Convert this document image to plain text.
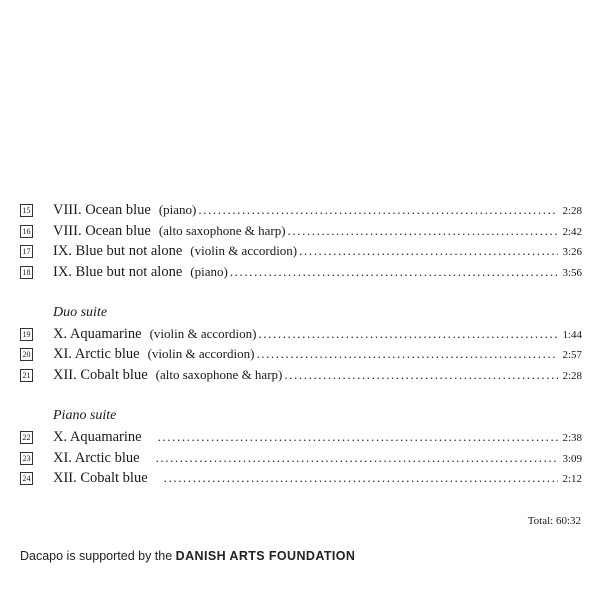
15 VIII. Ocean blue (piano) .....	2:28
16 VIII. Ocean blue (alto saxophone & harp) .....	2:42
17 IX. Blue but not alone (violin & accordion) .....	3:26
18 IX. Blue but not alone (piano) .....	3:56
Duo suite
19 X. Aquamarine (violin & accordion) .....	1:44
20 XI. Arctic blue (violin & accordion) .....	2:57
21 XII. Cobalt blue (alto saxophone & harp) .....	2:28
Piano suite
22 X. Aquamarine .....	2:38
23 XI. Arctic blue .....	3:09
24 XII. Cobalt blue .....	2:12
Total: 60:32
Dacapo is supported by the DANISH ARTS FOUNDATION
